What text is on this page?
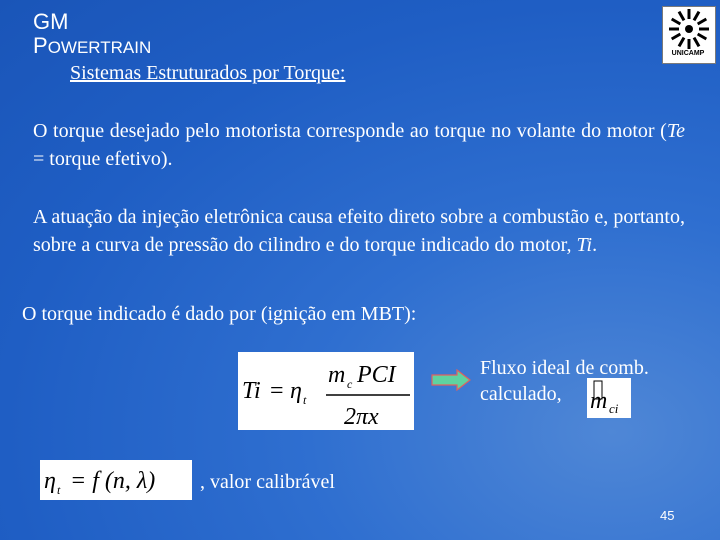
GM
POWERTRAIN
Sistemas Estruturados por Torque:
UNICAMP
O torque desejado pelo motorista corresponde ao torque no volante do motor (Te = torque efetivo).
A atuação da injeção eletrônica causa efeito direto sobre a combustão e, portanto, sobre a curva de pressão do cilindro e do torque indicado do motor, Ti.
O torque indicado é dado por (ignição em MBT):
Ti = η t
m c PCI
2πx
Fluxo ideal de comb.
calculado,	m ci
η t = f (n, λ) , valor calibrável
45
